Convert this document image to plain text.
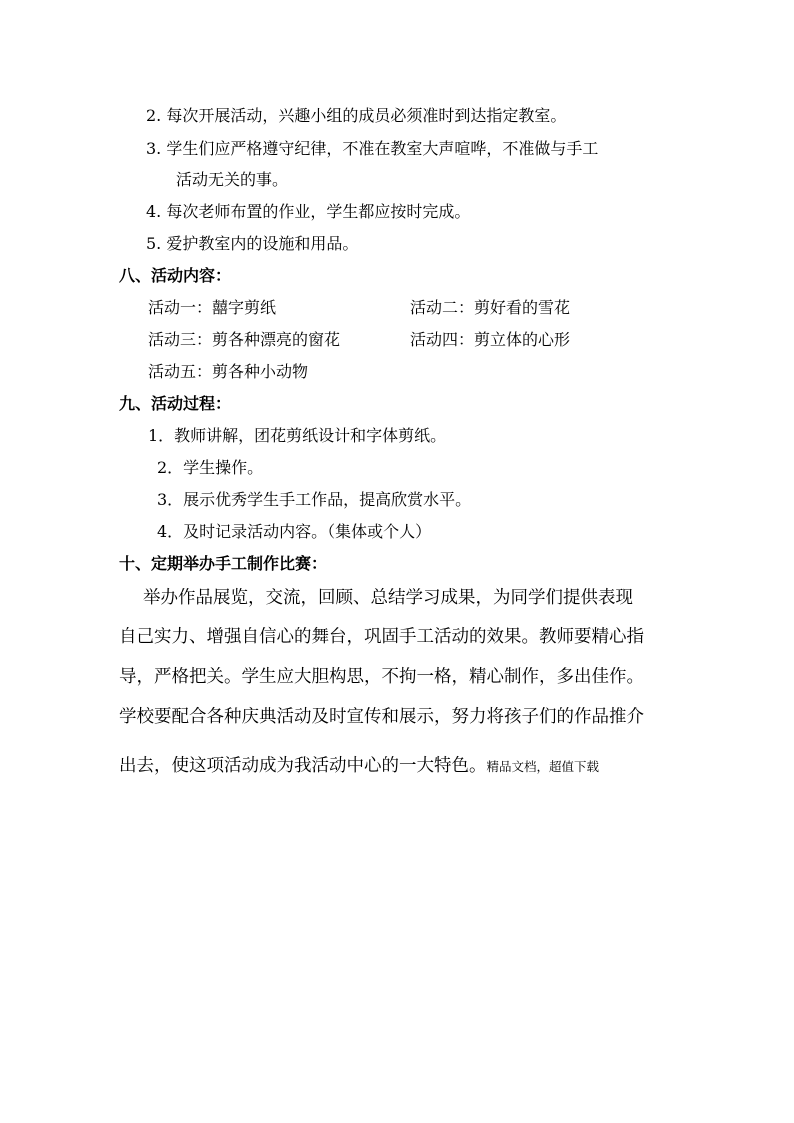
2. 每次开展活动，兴趣小组的成员必须准时到达指定教室。
3. 学生们应严格遵守纪律，不准在教室大声喧哗，不准做与手工
活动无关的事。
4. 每次老师布置的作业，学生都应按时完成。
5. 爱护教室内的设施和用品。
八、活动内容：
活动一：囍字剪纸	活动二：剪好看的雪花
活动三：剪各种漂亮的窗花	活动四：剪立体的心形
活动五：剪各种小动物
九、活动过程：
1．教师讲解，团花剪纸设计和字体剪纸。
2．学生操作。
3．展示优秀学生手工作品，提高欣赏水平。
4．及时记录活动内容。（集体或个人）
十、定期举办手工制作比赛：
举办作品展览，交流，回顾、总结学习成果，为同学们提供表现
自己实力、增强自信心的舞台，巩固手工活动的效果。教师要精心指
导，严格把关。学生应大胆构思，不拘一格，精心制作，多出佳作。
学校要配合各种庆典活动及时宣传和展示，努力将孩子们的作品推介
出去，使这项活动成为我活动中心的一大特色。精品文档，超值下载
